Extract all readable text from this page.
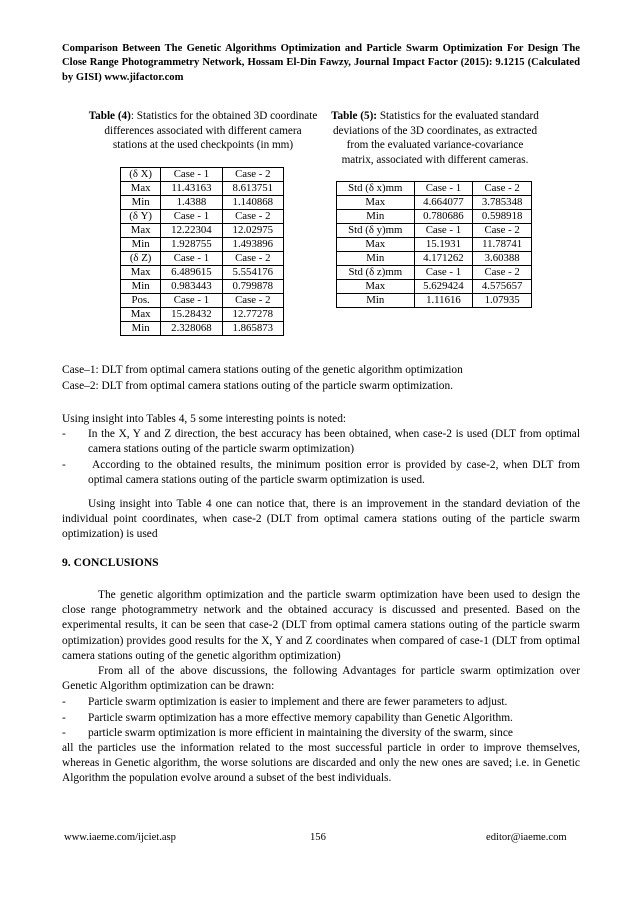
Comparison Between The Genetic Algorithms Optimization and Particle Swarm Optimization For Design The Close Range Photogrammetry Network, Hossam El-Din Fawzy, Journal Impact Factor (2015): 9.1215 (Calculated by GISI) www.jifactor.com
Table (4): Statistics for the obtained 3D coordinate differences associated with different camera stations at the used checkpoints (in mm)
(δ X)	Case - 1	Case - 2
Max	11.43163	8.613751
Min	1.4388	1.140868
(δ Y)	Case - 1	Case - 2
Max	12.22304	12.02975
Min	1.928755	1.493896
(δ Z)	Case - 1	Case - 2
Max	6.489615	5.554176
Min	0.983443	0.799878
Pos.	Case - 1	Case - 2
Max	15.28432	12.77278
Min	2.328068	1.865873
Table (5): Statistics for the evaluated standard deviations of the 3D coordinates, as extracted from the evaluated variance-covariance matrix, associated with different cameras.
Std (δ x)mm	Case - 1	Case - 2
Max	4.664077	3.785348
Min	0.780686	0.598918
Std (δ y)mm	Case - 1	Case - 2
Max	15.1931	11.78741
Min	4.171262	3.60388
Std (δ z)mm	Case - 1	Case - 2
Max	5.629424	4.575657
Min	1.11616	1.07935
Case–1: DLT from optimal camera stations outing of the genetic algorithm optimization
Case–2: DLT from optimal camera stations outing of the particle swarm optimization.
Using insight into Tables 4, 5 some interesting points is noted:
- In the X, Y and Z direction, the best accuracy has been obtained, when case-2 is used (DLT from optimal camera stations outing of the particle swarm optimization)
-	According to the obtained results, the minimum position error is provided by case-2, when DLT from optimal camera stations outing of the particle swarm optimization is used.
Using insight into Table 4 one can notice that, there is an improvement in the standard deviation of the individual point coordinates, when case-2 (DLT from optimal camera stations outing of the particle swarm optimization) is used
9. CONCLUSIONS
The genetic algorithm optimization and the particle swarm optimization have been used to design the close range photogrammetry network and the obtained accuracy is discussed and presented. Based on the experimental results, it can be seen that case-2 (DLT from optimal camera stations outing of the particle swarm optimization) provides good results for the X, Y and Z coordinates when compared of case-1 (DLT from optimal camera stations outing of the genetic algorithm optimization)
From all of the above discussions, the following Advantages for particle swarm optimization over Genetic Algorithm optimization can be drawn:
- Particle swarm optimization is easier to implement and there are fewer parameters to adjust.
- Particle swarm optimization has a more effective memory capability than Genetic Algorithm.
- particle swarm optimization is more efficient in maintaining the diversity of the swarm, since
all the particles use the information related to the most successful particle in order to improve themselves, whereas in Genetic algorithm, the worse solutions are discarded and only the new ones are saved; i.e. in Genetic Algorithm the population evolve around a subset of the best individuals.
www.iaeme.com/ijciet.asp	156	editor@iaeme.com
